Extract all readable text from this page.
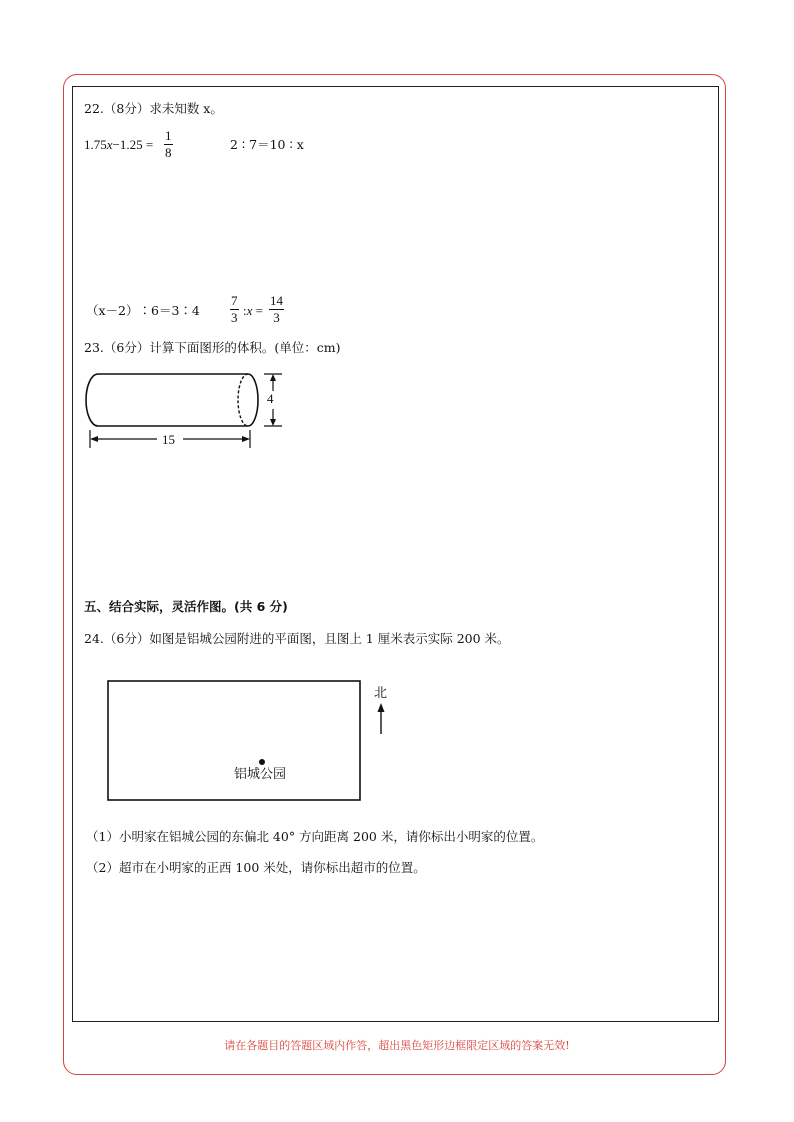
22.（8分）求未知数 x。
1.75x−1.25 =
1
8
2 ∶ 7＝10 ∶ x
（x－2）∶6＝3∶4
7
3 :x =
14
3
23.（6分）计算下面图形的体积。(单位：cm)
4
15
五、结合实际，灵活作图。(共 6 分)
24.（6分）如图是铝城公园附进的平面图，且图上 1 厘米表示实际 200 米。
铝城公园
北
（1）小明家在铝城公园的东偏北 40° 方向距离 200 米，请你标出小明家的位置。
（2）超市在小明家的正西 100 米处，请你标出超市的位置。
请在各题目的答题区域内作答，超出黑色矩形边框限定区域的答案无效!
